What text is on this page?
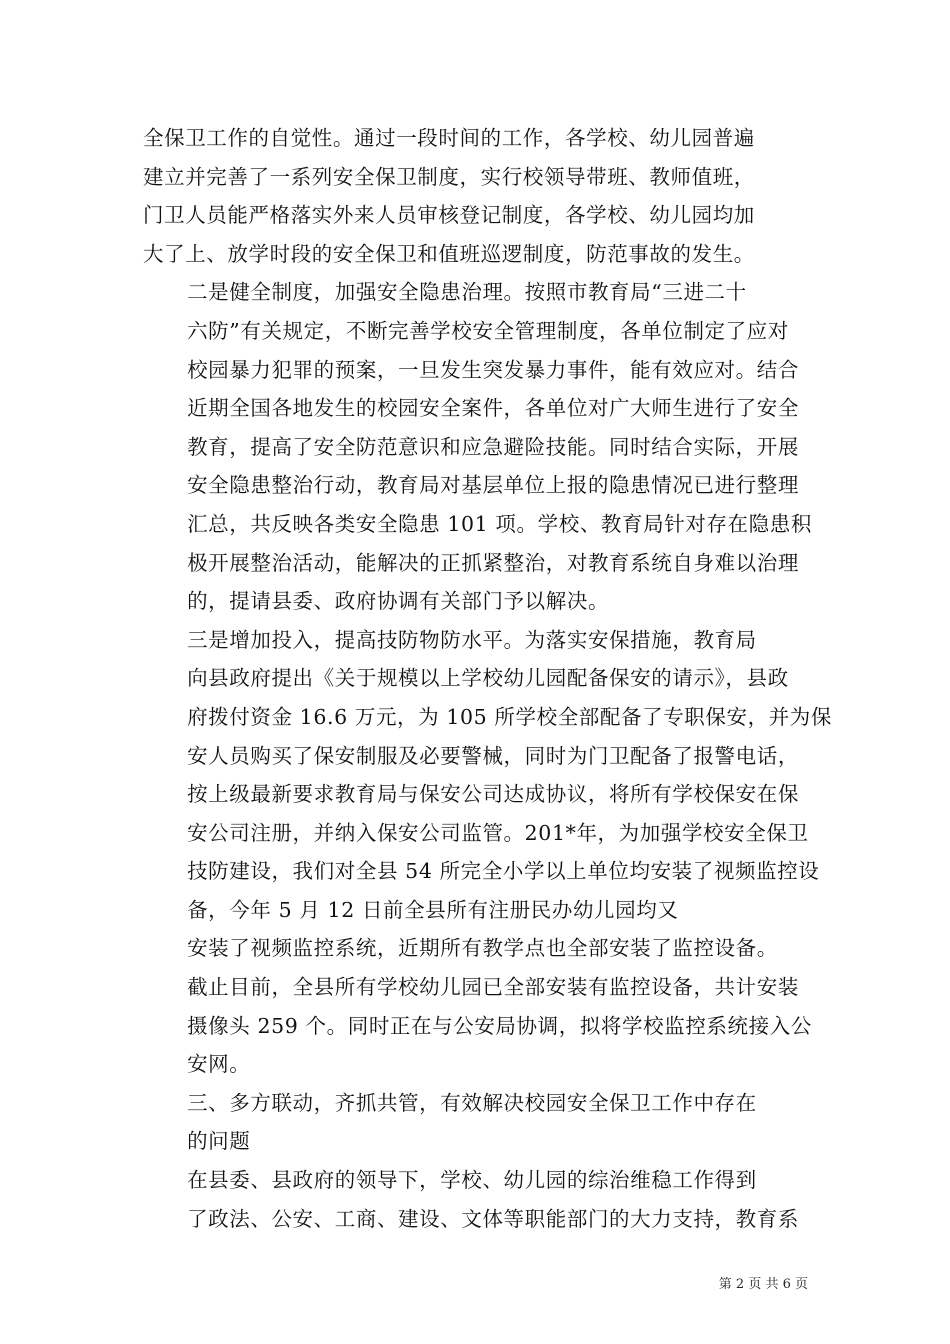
全保卫工作的自觉性。通过一段时间的工作，各学校、幼儿园普遍
建立并完善了一系列安全保卫制度，实行校领导带班、教师值班，
门卫人员能严格落实外来人员审核登记制度，各学校、幼儿园均加
大了上、放学时段的安全保卫和值班巡逻制度，防范事故的发生。

二是健全制度，加强安全隐患治理。按照市教育局“三进二十
六防”有关规定，不断完善学校安全管理制度，各单位制定了应对
校园暴力犯罪的预案，一旦发生突发暴力事件，能有效应对。结合
近期全国各地发生的校园安全案件，各单位对广大师生进行了安全
教育，提高了安全防范意识和应急避险技能。同时结合实际，开展
安全隐患整治行动，教育局对基层单位上报的隐患情况已进行整理
汇总，共反映各类安全隐患 101 项。学校、教育局针对存在隐患积
极开展整治活动，能解决的正抓紧整治，对教育系统自身难以治理
的，提请县委、政府协调有关部门予以解决。

三是增加投入，提高技防物防水平。为落实安保措施，教育局
向县政府提出《关于规模以上学校幼儿园配备保安的请示》，县政
府拨付资金 16.6 万元，为 105 所学校全部配备了专职保安，并为保
安人员购买了保安制服及必要警械，同时为门卫配备了报警电话，
按上级最新要求教育局与保安公司达成协议，将所有学校保安在保
安公司注册，并纳入保安公司监管。201*年，为加强学校安全保卫
技防建设，我们对全县 54 所完全小学以上单位均安装了视频监控设
备，今年 5 月 12 日前全县所有注册民办幼儿园均又

安装了视频监控系统，近期所有教学点也全部安装了监控设备。
截止目前，全县所有学校幼儿园已全部安装有监控设备，共计安装
摄像头 259 个。同时正在与公安局协调，拟将学校监控系统接入公
安网。

三、多方联动，齐抓共管，有效解决校园安全保卫工作中存在
的问题

在县委、县政府的领导下，学校、幼儿园的综治维稳工作得到
了政法、公安、工商、建设、文体等职能部门的大力支持，教育系

第 2 页 共 6 页
